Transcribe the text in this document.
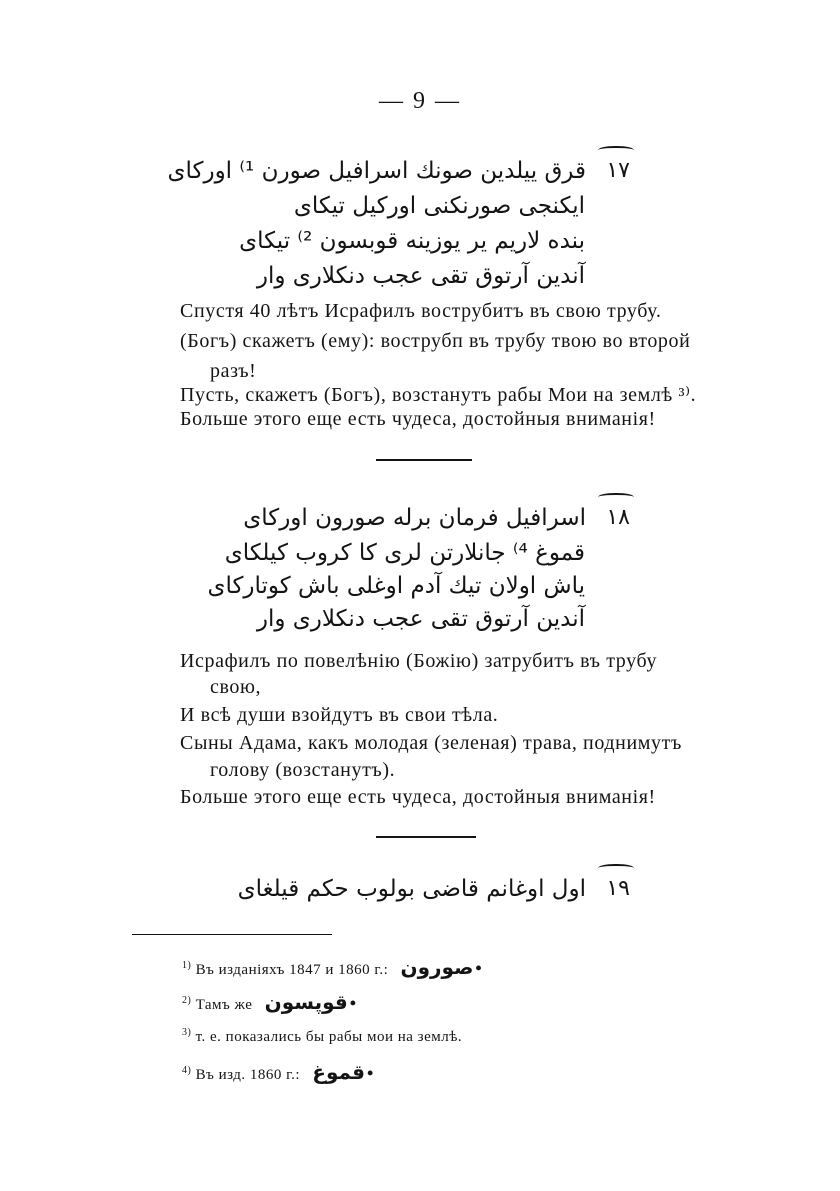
— 9 —
قرق ییلدین صونك اسرافیل صورن ¹⁾ اورکای ۱۷
ایکنجی صورنکنی اورکیل تیکای
بنده لاریم یر یوزینه قوبسون ²⁾ تیکای
آندین آرتوق تقی عجب دنکلاری وار
Спустя 40 лѣтъ Исрафилъ вострубитъ въ свою трубу.
(Богъ) скажетъ (ему): вострубп въ трубу твою во второй
разъ!
Пусть, скажетъ (Богъ), возстанутъ рабы Мои на землѣ ³⁾.
Больше этого еще есть чудеса, достойныя вниманія!
اسرافیل فرمان برله صورون اورکای ۱۸
قموغ ⁴⁾ جانلارتن لری کا کروب کیلکای
یاش اولان تیك آدم اوغلی باش کوتارکای
آندین آرتوق تقی عجب دنکلاری وار
Исрафилъ по повелѣнію (Божію) затрубитъ въ трубу
свою,
И всѣ души взойдутъ въ свои тѣла.
Сыны Адама, какъ молодая (зеленая) трава, поднимутъ
голову (возстанутъ).
Больше этого еще есть чудеса, достойныя вниманія!
اول اوغانم قاضی بولوب حکم قیلغای ۱۹
$^{1)}$ Въ изданіяхъ 1847 и 1860 г.: صورون •
$^{2)}$ Тамъ же قوپسون •
$^{3)}$ т. е. показались бы рабы мои на землѣ.
$^{4)}$ Въ изд. 1860 г.: قموغ •
